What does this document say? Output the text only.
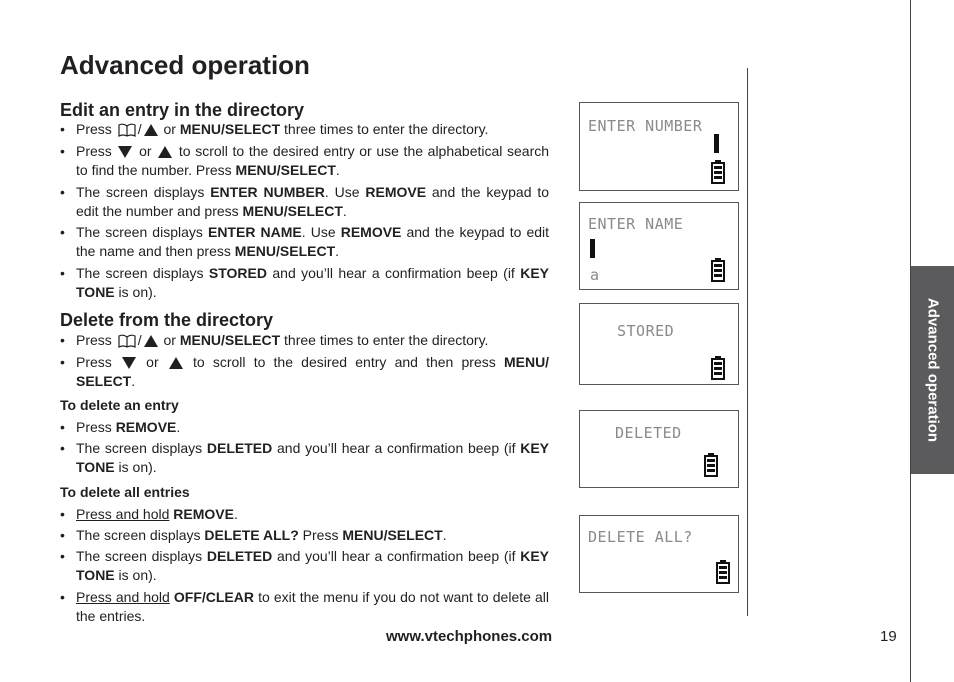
Advanced operation
Edit an entry in the directory
• Press / or MENU/SELECT three times to enter the directory.
• Press or to scroll to the desired entry or use the alphabetical search to find the number. Press MENU/SELECT.
• The screen displays ENTER NUMBER. Use REMOVE and the keypad to edit the number and press MENU/SELECT.
• The screen displays ENTER NAME. Use REMOVE and the keypad to edit the name and then press MENU/SELECT.
• The screen displays STORED and you’ll hear a confirmation beep (if KEY TONE is on).
Delete from the directory
• Press / or MENU/SELECT three times to enter the directory.
• Press or to scroll to the desired entry and then press MENU/ SELECT.
To delete an entry
• Press REMOVE.
• The screen displays DELETED and you’ll hear a confirmation beep (if KEY TONE is on).
To delete all entries
• Press and hold REMOVE.
• The screen displays DELETE ALL? Press MENU/SELECT.
• The screen displays DELETED and you’ll hear a confirmation beep (if KEY TONE is on).
• Press and hold OFF/CLEAR to exit the menu if you do not want to delete all the entries.
Advanced operation
ENTER NUMBER
ENTER NAME
a
STORED
DELETED
DELETE ALL?
www.vtechphones.com	19
